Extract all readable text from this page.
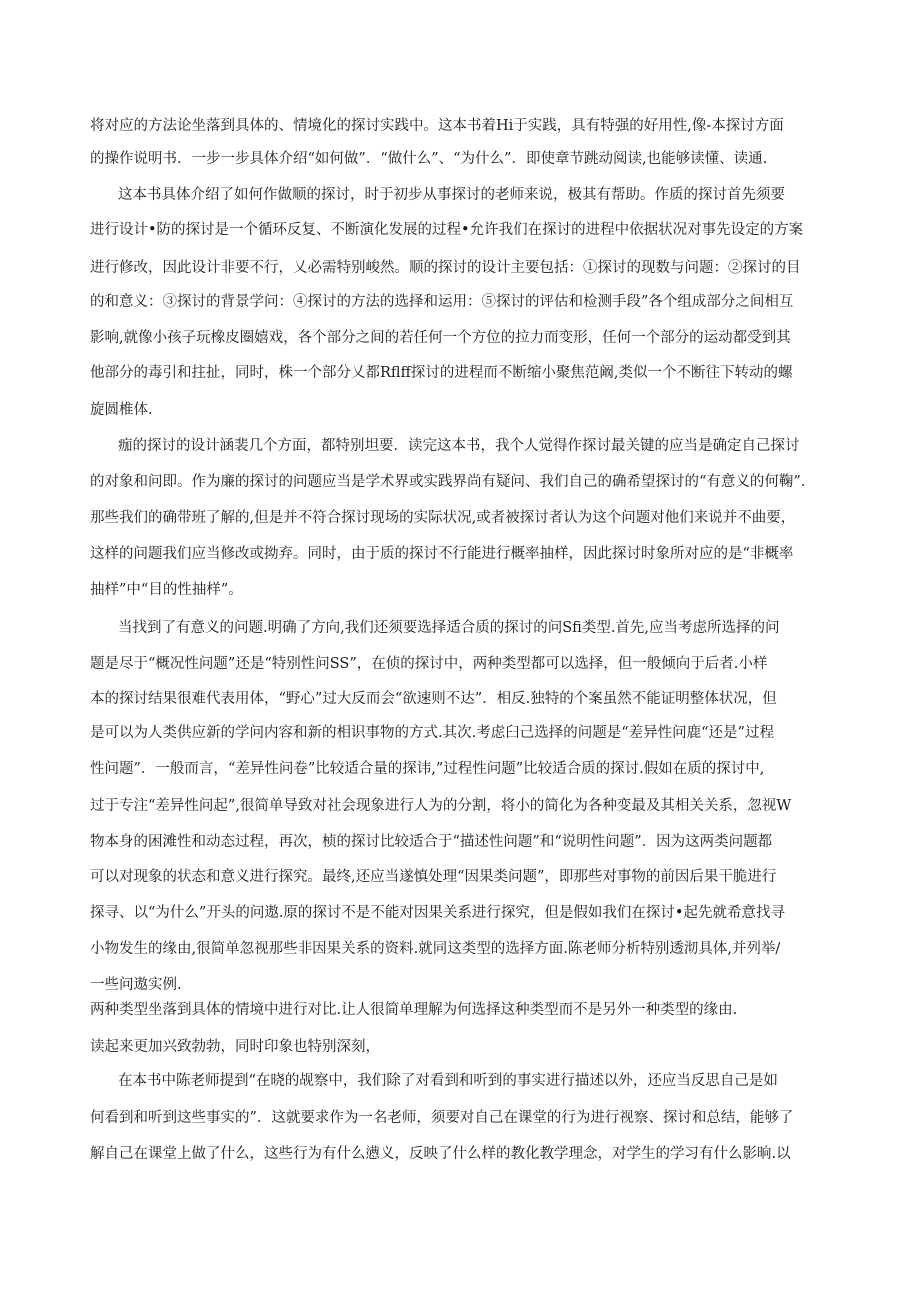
将对应的方法论坐落到具体的、情境化的探讨实践中。这本书着Hi于实践，具有特强的好用性,像-本探讨方面
的操作说明书．一步一步具体介绍“如何做”．“做什么”、“为什么”．即使章节跳动阅读,也能够读懂、读通.
这本书具体介绍了如何作做顺的探讨，时于初步从事探讨的老师来说，极其有帮助。作质的探讨首先须要
进行设计•防的探讨是一个循环反复、不断演化发展的过程•允许我们在探讨的进程中依据状况对事先设定的方案
进行修改，因此设计非要不行，乂必需特别峻然。顺的探讨的设计主要包括：①探讨的现数与问题：②探讨的目
的和意义：③探讨的背景学问：④探讨的方法的选择和运用：⑤探讨的评估和检测手段”各个组成部分之间相互
影响,就像小孩子玩橡皮圈嬉戏，各个部分之间的若任何一个方位的拉力而变形，任何一个部分的运动都受到其
他部分的毒引和拄扯，同时，株一个部分乂都Rflff探讨的进程而不断缩小聚焦范阚,类似一个不断往下转动的螺
旋圆椎体.
痂的探讨的设计涵裴几个方面，都特别坦要．读完这本书，我个人觉得作探讨最关键的应当是确定自己探讨
的对象和问即。作为廉的探讨的问题应当是学术界或实践界尚有疑问、我们自己的确希望探讨的“有意义的何鞠”．
那些我们的确带班了解的,但是并不符合探讨现场的实际状况,或者被探讨者认为这个问题对他们来说并不曲要，
这样的问题我们应当修改或拗弃。同时，由于质的探讨不行能进行概率抽样，因此探讨时象所对应的是“非概率
抽样”中“目的性抽样”。
当找到了有意义的问题.明确了方向,我们还须要选择适合质的探讨的问Sfi类型.首先,应当考虑所选择的问
题是尽于“概况性问题”还是“特别性问SS”，在侦的探讨中，两种类型都可以选择，但一般倾向于后者.小样
本的探讨结果很难代表用体，“野心”过大反而会“欲速则不达”．相反.独特的个案虽然不能证明整体状况，但
是可以为人类供应新的学问内容和新的相识事物的方式.其次.考虑臼己选择的问题是“差异性问鹿“还是”过程
性问题”．一般而言，“差异性问卷”比较适合量的探讳,”过程性问题”比较适合质的探讨.假如在质的探讨中,
过于专注“差异性问起”,很简单导致对社会现象进行人为的分割，将小的简化为各种变最及其相关关系，忽视W
物本身的困滩性和动态过程，再次，桢的探讨比较适合于“描述性问题”和“说明性问题”．因为这两类问题都
可以对现象的状态和意义进行探究。最终,还应当遂慎处理“因果类问题”，即那些对事物的前因后果干脆进行
探寻、以“为什么”开头的问遨.原的探讨不是不能对因果关系进行探究，但是假如我们在探讨•起先就希意找寻
小物发生的缘由,很简单忽视那些非因果关系的资料.就同这类型的选择方面.陈老师分析特别透沏具体,并列举/
一些问遨实例.
两种类型坐落到具体的情境中进行对比.让人很简单理解为何选择这种类型而不是另外一种类型的缘由.
读起来更加兴致勃勃，同时印象也特别深刻，
在本书中陈老师提到“在晓的觇察中，我们除了对看到和听到的事实进行描述以外，还应当反思自己是如
何看到和听到这些事实的”．这就要求作为一名老师，须要对自己在课堂的行为进行视察、探讨和总结，能够了
解自己在课堂上做了什么，这些行为有什么懑义，反映了什么样的教化教学理念，对学生的学习有什么影晌.以
